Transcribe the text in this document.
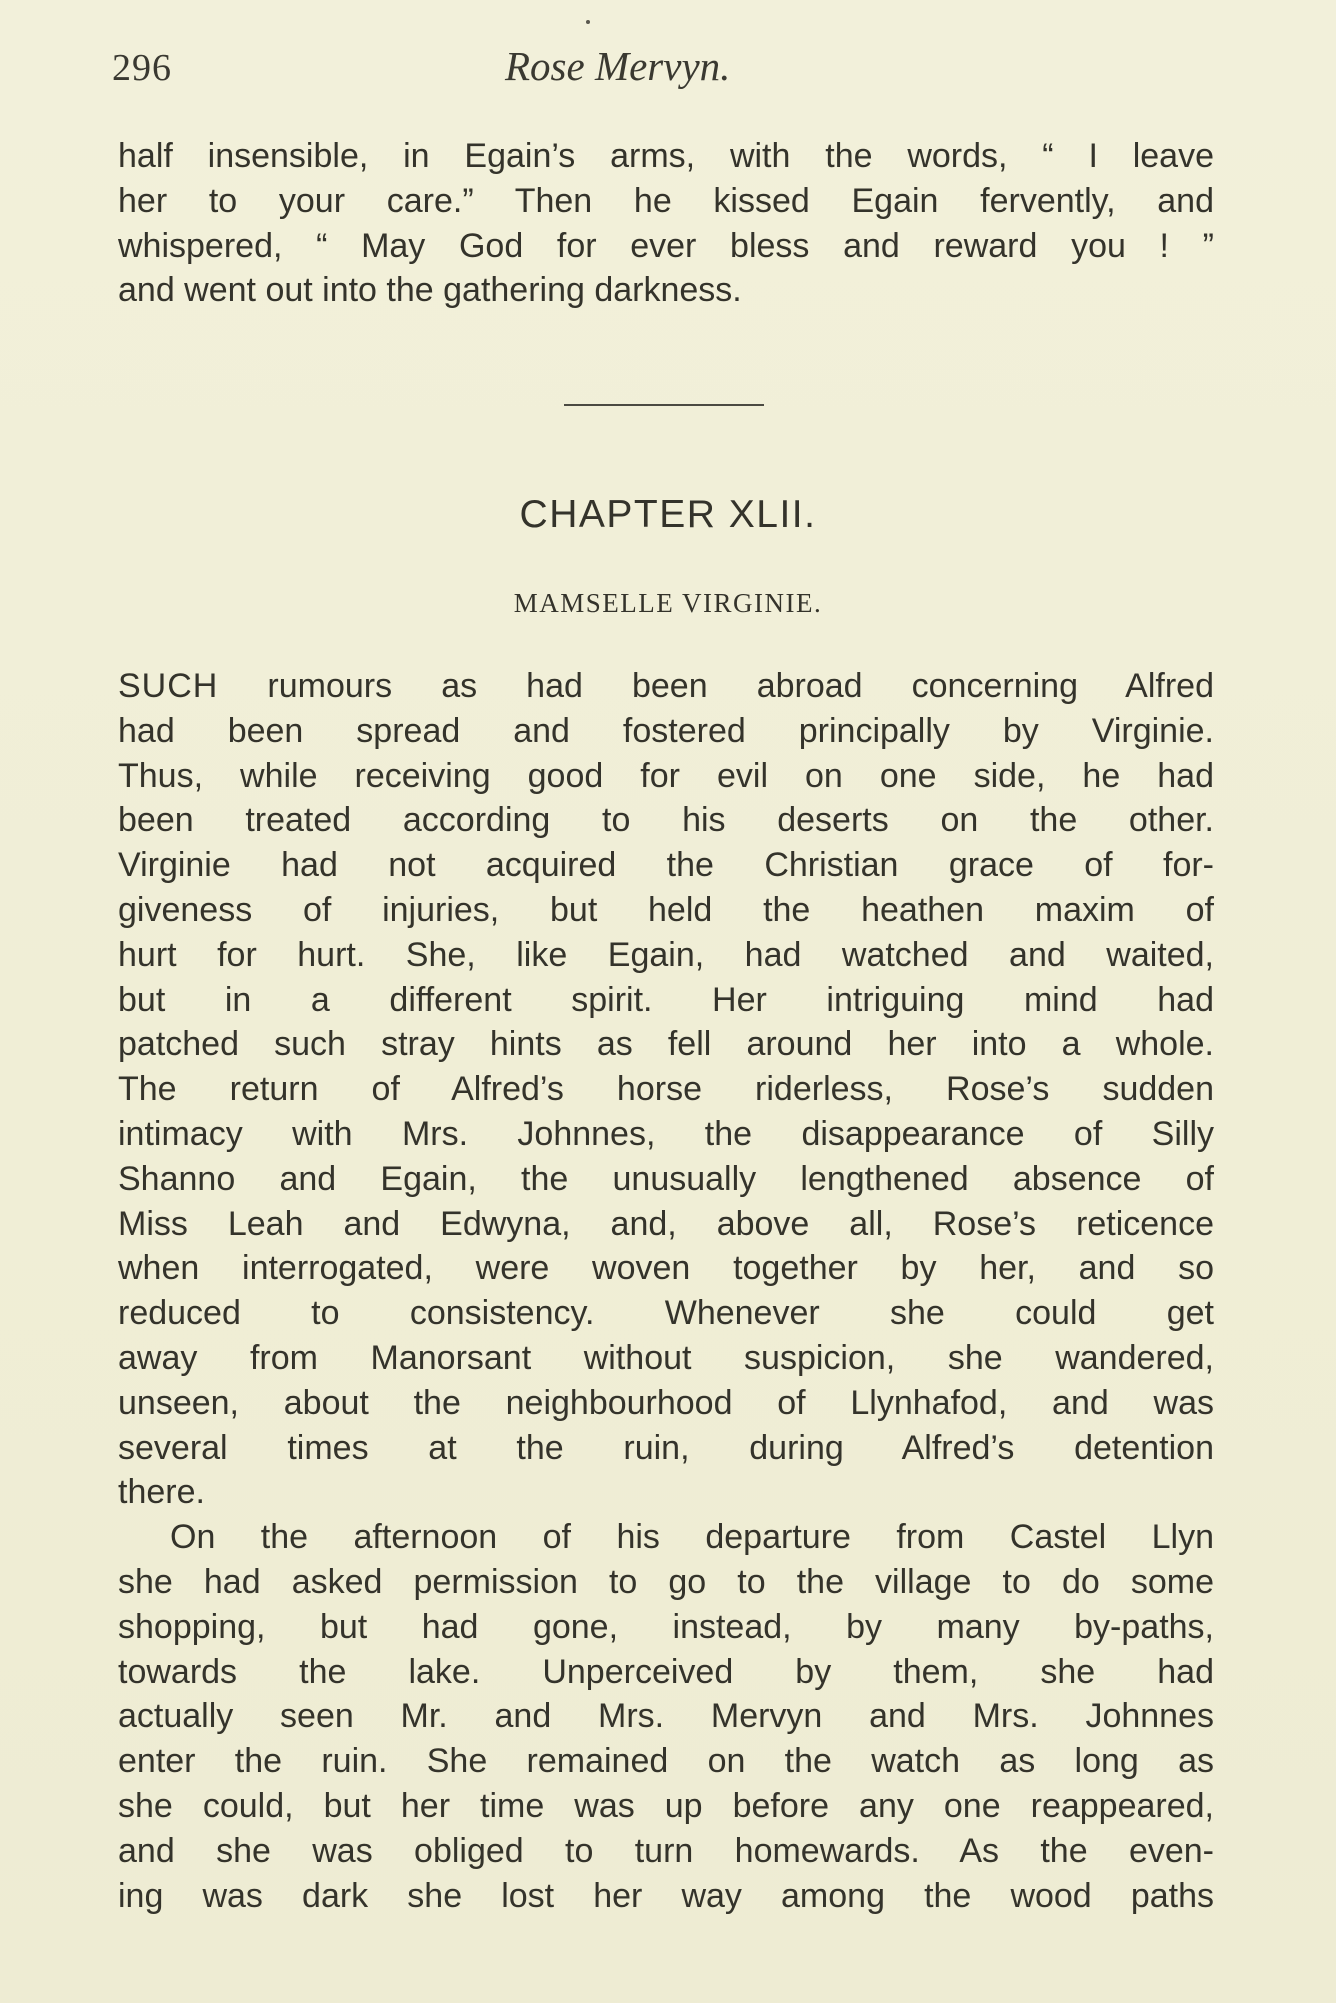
296	Rose Mervyn.
half insensible, in Egain’s arms, with the words, “ I leave
her to your care.” Then he kissed Egain fervently, and
whispered, “ May God for ever bless and reward you ! ”
and went out into the gathering darkness.
CHAPTER XLII.
MAMSELLE VIRGINIE.
SUCH rumours as had been abroad concerning Alfred
had been spread and fostered principally by Virginie.
Thus, while receiving good for evil on one side, he had
been treated according to his deserts on the other.
Virginie had not acquired the Christian grace of for-
giveness of injuries, but held the heathen maxim of
hurt for hurt. She, like Egain, had watched and waited,
but in a different spirit. Her intriguing mind had
patched such stray hints as fell around her into a whole.
The return of Alfred’s horse riderless, Rose’s sudden
intimacy with Mrs. Johnnes, the disappearance of Silly
Shanno and Egain, the unusually lengthened absence of
Miss Leah and Edwyna, and, above all, Rose’s reticence
when interrogated, were woven together by her, and so
reduced to consistency. Whenever she could get
away from Manorsant without suspicion, she wandered,
unseen, about the neighbourhood of Llynhafod, and was
several times at the ruin, during Alfred’s detention
there.
On the afternoon of his departure from Castel Llyn
she had asked permission to go to the village to do some
shopping, but had gone, instead, by many by-paths,
towards the lake. Unperceived by them, she had
actually seen Mr. and Mrs. Mervyn and Mrs. Johnnes
enter the ruin. She remained on the watch as long as
she could, but her time was up before any one reappeared,
and she was obliged to turn homewards. As the even-
ing was dark she lost her way among the wood paths
